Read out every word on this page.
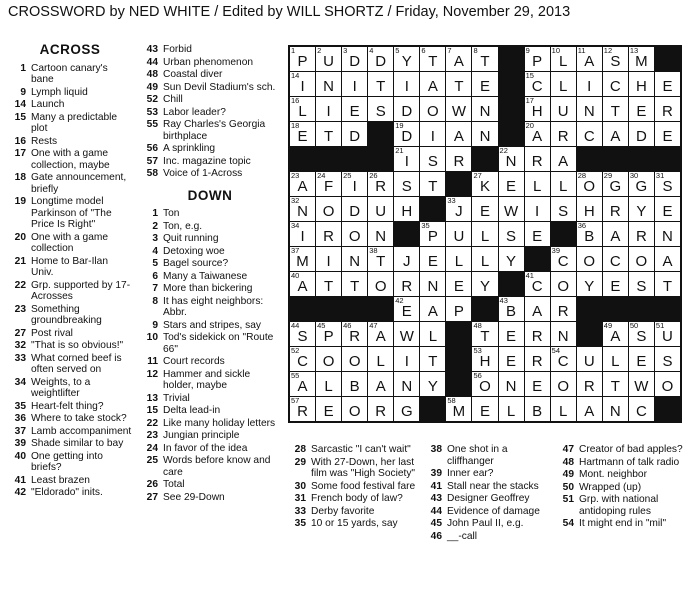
CROSSWORD by NED WHITE / Edited by WILL SHORTZ / Friday, November 29, 2013
ACROSS
1 Cartoon canary's bane
9 Lymph liquid
14 Launch
15 Many a predictable plot
16 Rests
17 One with a game collection, maybe
18 Gate announcement, briefly
19 Longtime model Parkinson of "The Price Is Right"
20 One with a game collection
21 Home to Bar-Ilan Univ.
22 Grp. supported by 17-Acrosses
23 Something groundbreaking
27 Post rival
32 "That is so obvious!"
33 What corned beef is often served on
34 Weights, to a weightlifter
35 Heart-felt thing?
36 Where to take stock?
37 Lamb accompaniment
39 Shade similar to bay
40 One getting into briefs?
41 Least brazen
42 "Eldorado" inits.
43 Forbid
44 Urban phenomenon
48 Coastal diver
49 Sun Devil Stadium's sch.
52 Chill
53 Labor leader?
55 Ray Charles's Georgia birthplace
56 A sprinkling
57 Inc. magazine topic
58 Voice of 1-Across
DOWN
1 Ton
2 Ton, e.g.
3 Quit running
4 Detoxing woe
5 Bagel source?
6 Many a Taiwanese
7 More than bickering
8 It has eight neighbors: Abbr.
9 Stars and stripes, say
10 Tod's sidekick on "Route 66"
11 Court records
12 Hammer and sickle holder, maybe
13 Trivial
15 Delta lead-in
22 Like many holiday letters
23 Jungian principle
24 In favor of the idea
25 Words before know and care
26 Total
27 See 29-Down
1
P
2
U
3
D
4
D
5
Y
6
T
7
A
8
T
9
P
10
L
11
A
12
S
13
M
14
I	N	I	T	I	A	T	E
15
C	L	I	C	H	E
16
L	I	E	S	D O W N
17
H	U	N	T	E	R
18
E	T	D
19
D	I	A	N
20
A	R	C	A	D	E
21
I	S	R
22
N	R	A
23
A
24
F
25
I
26
R	S	T
27
K	E	L	L
28
O
29
G
30
G
31
S
32
N O D	U	H
33
J	E W	I	S	H	R	Y	E
34
I	R O N
35
P	U	L	S	E
36
B	A	R	N
37
M	I	N
38
T	J	E	L	L	Y
39
C O C O	A
40
A	T	T	O R	N	E	Y
41
C O	Y	E	S	T
42
E	A	P
43
B	A	R
44
S
45
P
46
R
47
A W L
48
T	E	R	N
49
A
50
S
51
U
52
C O O	L	I	T
53
H	E	R
54
C	U	L	E	S
55
A	L	B	A	N	Y
56
O N	E	O R	T W O
57
R	E	O R G
58
M E	L	B	L	A	N	C
28 Sarcastic "I can't wait"
29 With 27-Down, her last film was "High Society"
30 Some food festival fare
31 French body of law?
33 Derby favorite
35 10 or 15 yards, say
38 One shot in a cliffhanger
39 Inner ear?
41 Stall near the stacks
43 Designer Geoffrey
44 Evidence of damage
45 John Paul II, e.g.
46 __-call
47 Creator of bad apples?
48 Hartmann of talk radio
49 Mont. neighbor
50 Wrapped (up)
51 Grp. with national antidoping rules
54 It might end in "mil"
